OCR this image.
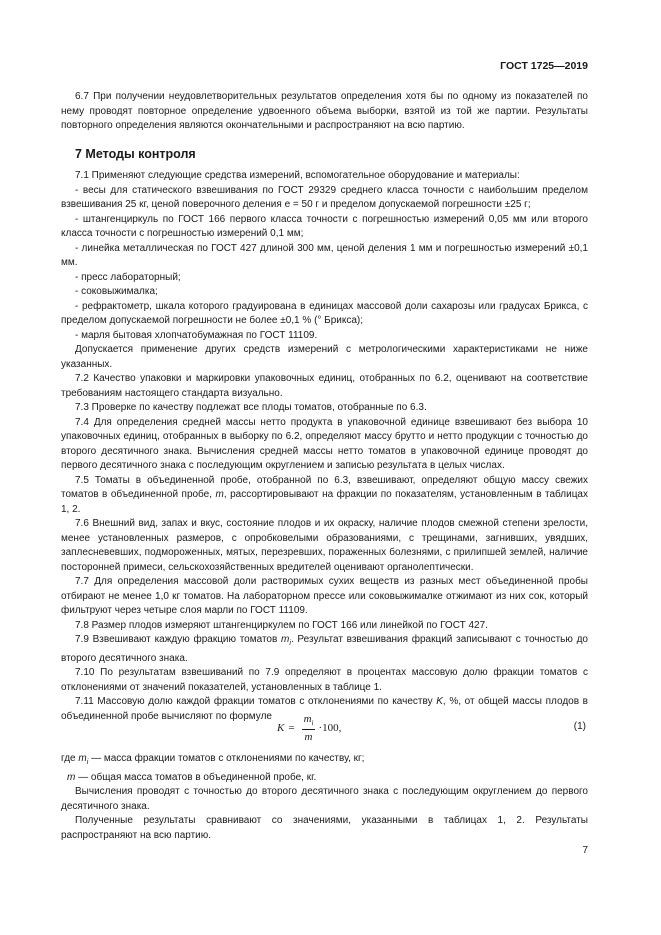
ГОСТ 1725—2019

6.7 При получении неудовлетворительных результатов определения хотя бы по одному из показателей по нему проводят повторное определение удвоенного объема выборки, взятой из той же партии. Результаты повторного определения являются окончательными и распространяют на всю партию.

7 Методы контроля

7.1 Применяют следующие средства измерений, вспомогательное оборудование и материалы:

- весы для статического взвешивания по ГОСТ 29329 среднего класса точности с наибольшим пределом взвешивания 25 кг, ценой поверочного деления е = 50 г и пределом допускаемой погрешности ±25 г;

- штангенциркуль по ГОСТ 166 первого класса точности с погрешностью измерений 0,05 мм или второго класса точности с погрешностью измерений 0,1 мм;

- линейка металлическая по ГОСТ 427 длиной 300 мм, ценой деления 1 мм и погрешностью измерений ±0,1 мм.

- пресс лабораторный;

- соковыжималка;

- рефрактометр, шкала которого градуирована в единицах массовой доли сахарозы или градусах Брикса, с пределом допускаемой погрешности не более ±0,1 % (° Брикса);

- марля бытовая хлопчатобумажная по ГОСТ 11109.

Допускается применение других средств измерений с метрологическими характеристиками не ниже указанных.

7.2 Качество упаковки и маркировки упаковочных единиц, отобранных по 6.2, оценивают на соответствие требованиям настоящего стандарта визуально.

7.3 Проверке по качеству подлежат все плоды томатов, отобранные по 6.3.

7.4 Для определения средней массы нетто продукта в упаковочной единице взвешивают без выбора 10 упаковочных единиц, отобранных в выборку по 6.2, определяют массу брутто и нетто продукции с точностью до второго десятичного знака. Вычисления средней массы нетто томатов в упаковочной единице проводят до первого десятичного знака с последующим округлением и записью результата в целых числах.

7.5 Томаты в объединенной пробе, отобранной по 6.3, взвешивают, определяют общую массу свежих томатов в объединенной пробе, m, рассортировывают на фракции по показателям, установленным в таблицах 1, 2.

7.6 Внешний вид, запах и вкус, состояние плодов и их окраску, наличие плодов смежной степени зрелости, менее установленных размеров, с опробковелыми образованиями, с трещинами, загнивших, увядших, заплесневевших, подмороженных, мятых, перезревших, пораженных болезнями, с прилипшей землей, наличие посторонней примеси, сельскохозяйственных вредителей оценивают органолептически.

7.7 Для определения массовой доли растворимых сухих веществ из разных мест объединенной пробы отбирают не менее 1,0 кг томатов. На лабораторном прессе или соковыжималке отжимают из них сок, который фильтруют через четыре слоя марли по ГОСТ 11109.

7.8 Размер плодов измеряют штангенциркулем по ГОСТ 166 или линейкой по ГОСТ 427.

7.9 Взвешивают каждую фракцию томатов $m_i$. Результат взвешивания фракций записывают с точностью до второго десятичного знака.

7.10 По результатам взвешиваний по 7.9 определяют в процентах массовую долю фракции томатов с отклонениями от значений показателей, установленных в таблице 1.

7.11 Массовую долю каждой фракции томатов с отклонениями по качеству K, %, от общей массы плодов в объединенной пробе вычисляют по формуле

$K = \frac{m_i}{m} \cdot 100$,	(1)

где $m_i$ — масса фракции томатов с отклонениями по качеству, кг;

m — общая масса томатов в объединенной пробе, кг.

Вычисления проводят с точностью до второго десятичного знака с последующим округлением до первого десятичного знака.

Полученные результаты сравнивают со значениями, указанными в таблицах 1, 2. Результаты распространяют на всю партию.

7
